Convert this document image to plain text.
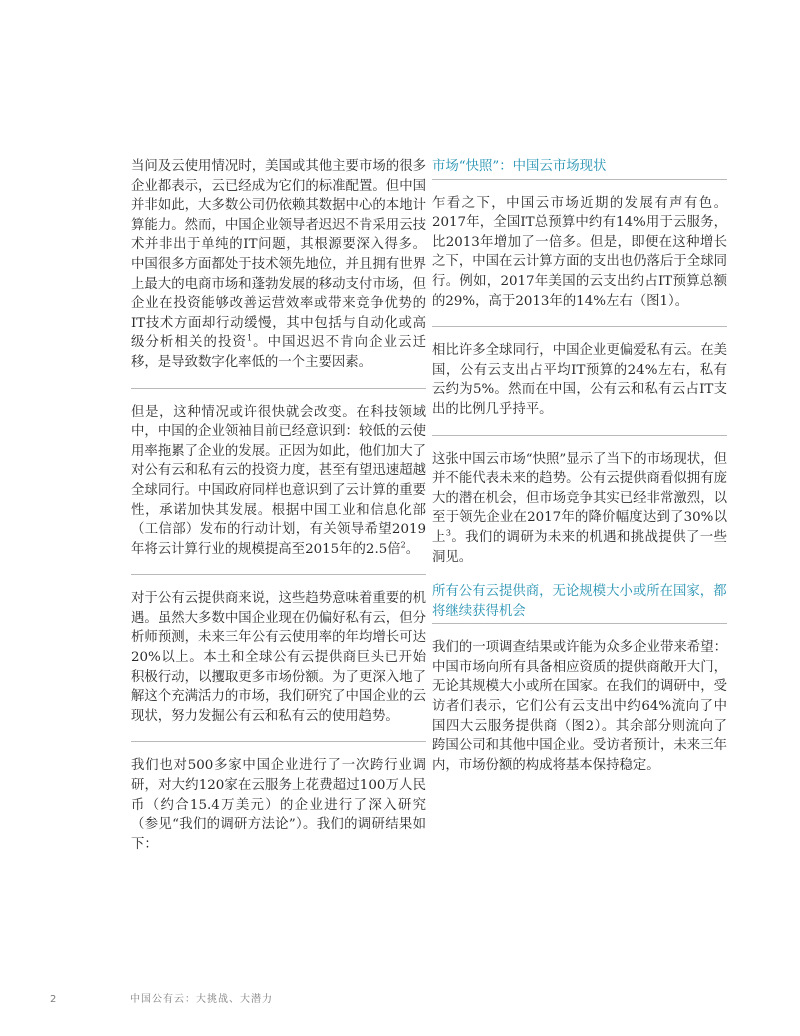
当问及云使用情况时，美国或其他主要市场的很多企业都表示，云已经成为它们的标准配置。但中国并非如此，大多数公司仍依赖其数据中心的本地计算能力。然而，中国企业领导者迟迟不肯采用云技术并非出于单纯的IT问题，其根源要深入得多。中国很多方面都处于技术领先地位，并且拥有世界上最大的电商市场和蓬勃发展的移动支付市场，但企业在投资能够改善运营效率或带来竞争优势的IT技术方面却行动缓慢，其中包括与自动化或高级分析相关的投资$^1$。中国迟迟不肯向企业云迁移，是导致数字化率低的一个主要因素。

但是，这种情况或许很快就会改变。在科技领域中，中国的企业领袖目前已经意识到：较低的云使用率拖累了企业的发展。正因为如此，他们加大了对公有云和私有云的投资力度，甚至有望迅速超越全球同行。中国政府同样也意识到了云计算的重要性，承诺加快其发展。根据中国工业和信息化部（工信部）发布的行动计划，有关领导希望2019年将云计算行业的规模提高至2015年的2.5倍$^2$。

对于公有云提供商来说，这些趋势意味着重要的机遇。虽然大多数中国企业现在仍偏好私有云，但分析师预测，未来三年公有云使用率的年均增长可达20%以上。本土和全球公有云提供商巨头已开始积极行动，以攫取更多市场份额。为了更深入地了解这个充满活力的市场，我们研究了中国企业的云现状，努力发掘公有云和私有云的使用趋势。

我们也对500多家中国企业进行了一次跨行业调研，对大约120家在云服务上花费超过100万人民币（约合15.4万美元）的企业进行了深入研究（参见“我们的调研方法论”）。我们的调研结果如下：

市场“快照”：中国云市场现状

乍看之下，中国云市场近期的发展有声有色。2017年，全国IT总预算中约有14%用于云服务，比2013年增加了一倍多。但是，即便在这种增长之下，中国在云计算方面的支出也仍落后于全球同行。例如，2017年美国的云支出约占IT预算总额的29%，高于2013年的14%左右（图1）。

相比许多全球同行，中国企业更偏爱私有云。在美国，公有云支出占平均IT预算的24%左右，私有云约为5%。然而在中国，公有云和私有云占IT支出的比例几乎持平。

这张中国云市场“快照”显示了当下的市场现状，但并不能代表未来的趋势。公有云提供商看似拥有庞大的潜在机会，但市场竞争其实已经非常激烈，以至于领先企业在2017年的降价幅度达到了30%以上$^3$。我们的调研为未来的机遇和挑战提供了一些洞见。

所有公有云提供商，无论规模大小或所在国家，都将继续获得机会

我们的一项调查结果或许能为众多企业带来希望：中国市场向所有具备相应资质的提供商敞开大门，无论其规模大小或所在国家。在我们的调研中，受访者们表示，它们公有云支出中约64%流向了中国四大云服务提供商（图2）。其余部分则流向了跨国公司和其他中国企业。受访者预计，未来三年内，市场份额的构成将基本保持稳定。

2	中国公有云：大挑战、大潜力
